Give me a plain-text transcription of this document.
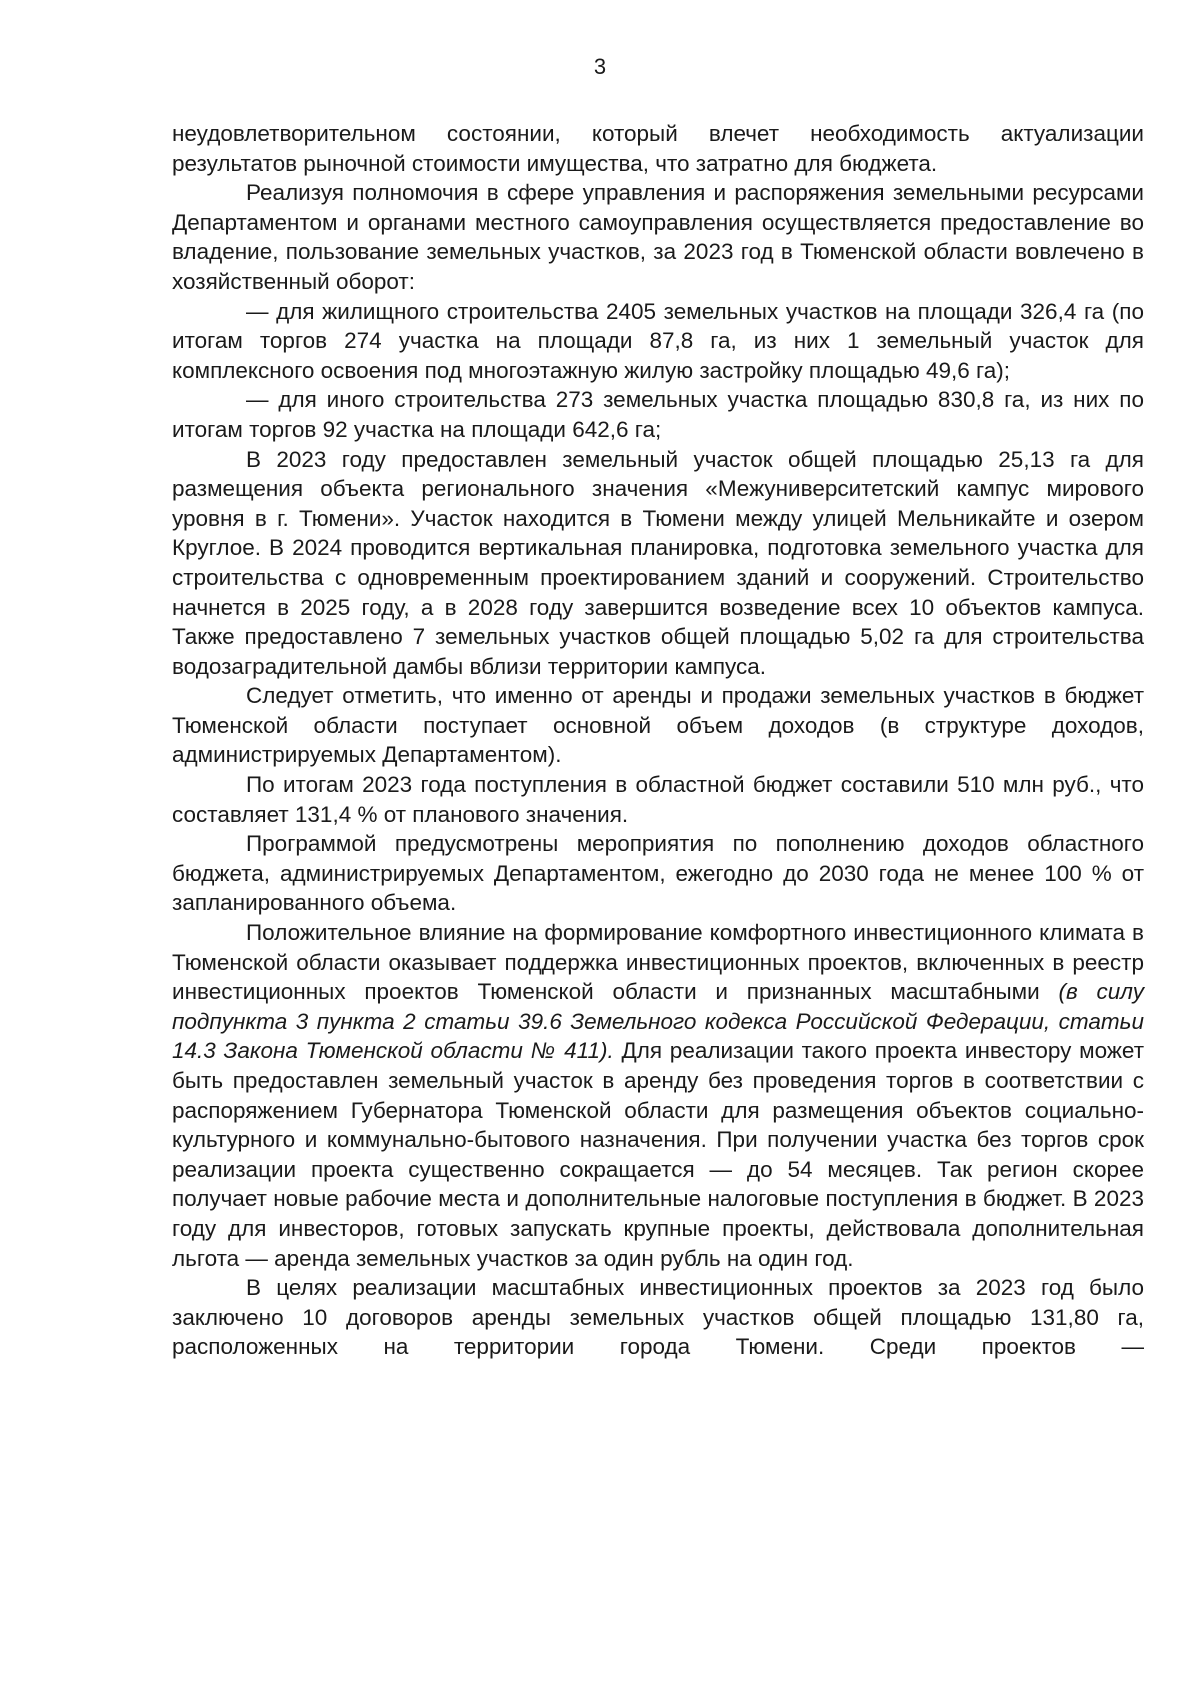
3

неудовлетворительном состоянии, который влечет необходимость актуализации результатов рыночной стоимости имущества, что затратно для бюджета.

Реализуя полномочия в сфере управления и распоряжения земельными ресурсами Департаментом и органами местного самоуправления осуществляется предоставление во владение, пользование земельных участков, за 2023 год в Тюменской области вовлечено в хозяйственный оборот:

— для жилищного строительства 2405 земельных участков на площади 326,4 га (по итогам торгов 274 участка на площади 87,8 га, из них 1 земельный участок для комплексного освоения под многоэтажную жилую застройку площадью 49,6 га);

— для иного строительства 273 земельных участка площадью 830,8 га, из них по итогам торгов 92 участка на площади 642,6 га;

В 2023 году предоставлен земельный участок общей площадью 25,13 га для размещения объекта регионального значения «Межуниверситетский кампус мирового уровня в г. Тюмени». Участок находится в Тюмени между улицей Мельникайте и озером Круглое. В 2024 проводится вертикальная планировка, подготовка земельного участка для строительства с одновременным проектированием зданий и сооружений. Строительство начнется в 2025 году, а в 2028 году завершится возведение всех 10 объектов кампуса. Также предоставлено 7 земельных участков общей площадью 5,02 га для строительства водозаградительной дамбы вблизи территории кампуса.

Следует отметить, что именно от аренды и продажи земельных участков в бюджет Тюменской области поступает основной объем доходов (в структуре доходов, администрируемых Департаментом).

По итогам 2023 года поступления в областной бюджет составили 510 млн руб., что составляет 131,4 % от планового значения.

Программой предусмотрены мероприятия по пополнению доходов областного бюджета, администрируемых Департаментом, ежегодно до 2030 года не менее 100 % от запланированного объема.

Положительное влияние на формирование комфортного инвестиционного климата в Тюменской области оказывает поддержка инвестиционных проектов, включенных в реестр инвестиционных проектов Тюменской области и признанных масштабными (в силу подпункта 3 пункта 2 статьи 39.6 Земельного кодекса Российской Федерации, статьи 14.3 Закона Тюменской области № 411). Для реализации такого проекта инвестору может быть предоставлен земельный участок в аренду без проведения торгов в соответствии с распоряжением Губернатора Тюменской области для размещения объектов социально-культурного и коммунально-бытового назначения. При получении участка без торгов срок реализации проекта существенно сокращается — до 54 месяцев. Так регион скорее получает новые рабочие места и дополнительные налоговые поступления в бюджет. В 2023 году для инвесторов, готовых запускать крупные проекты, действовала дополнительная льгота — аренда земельных участков за один рубль на один год.

В целях реализации масштабных инвестиционных проектов за 2023 год было заключено 10 договоров аренды земельных участков общей площадью 131,80 га, расположенных на территории города Тюмени. Среди проектов —
